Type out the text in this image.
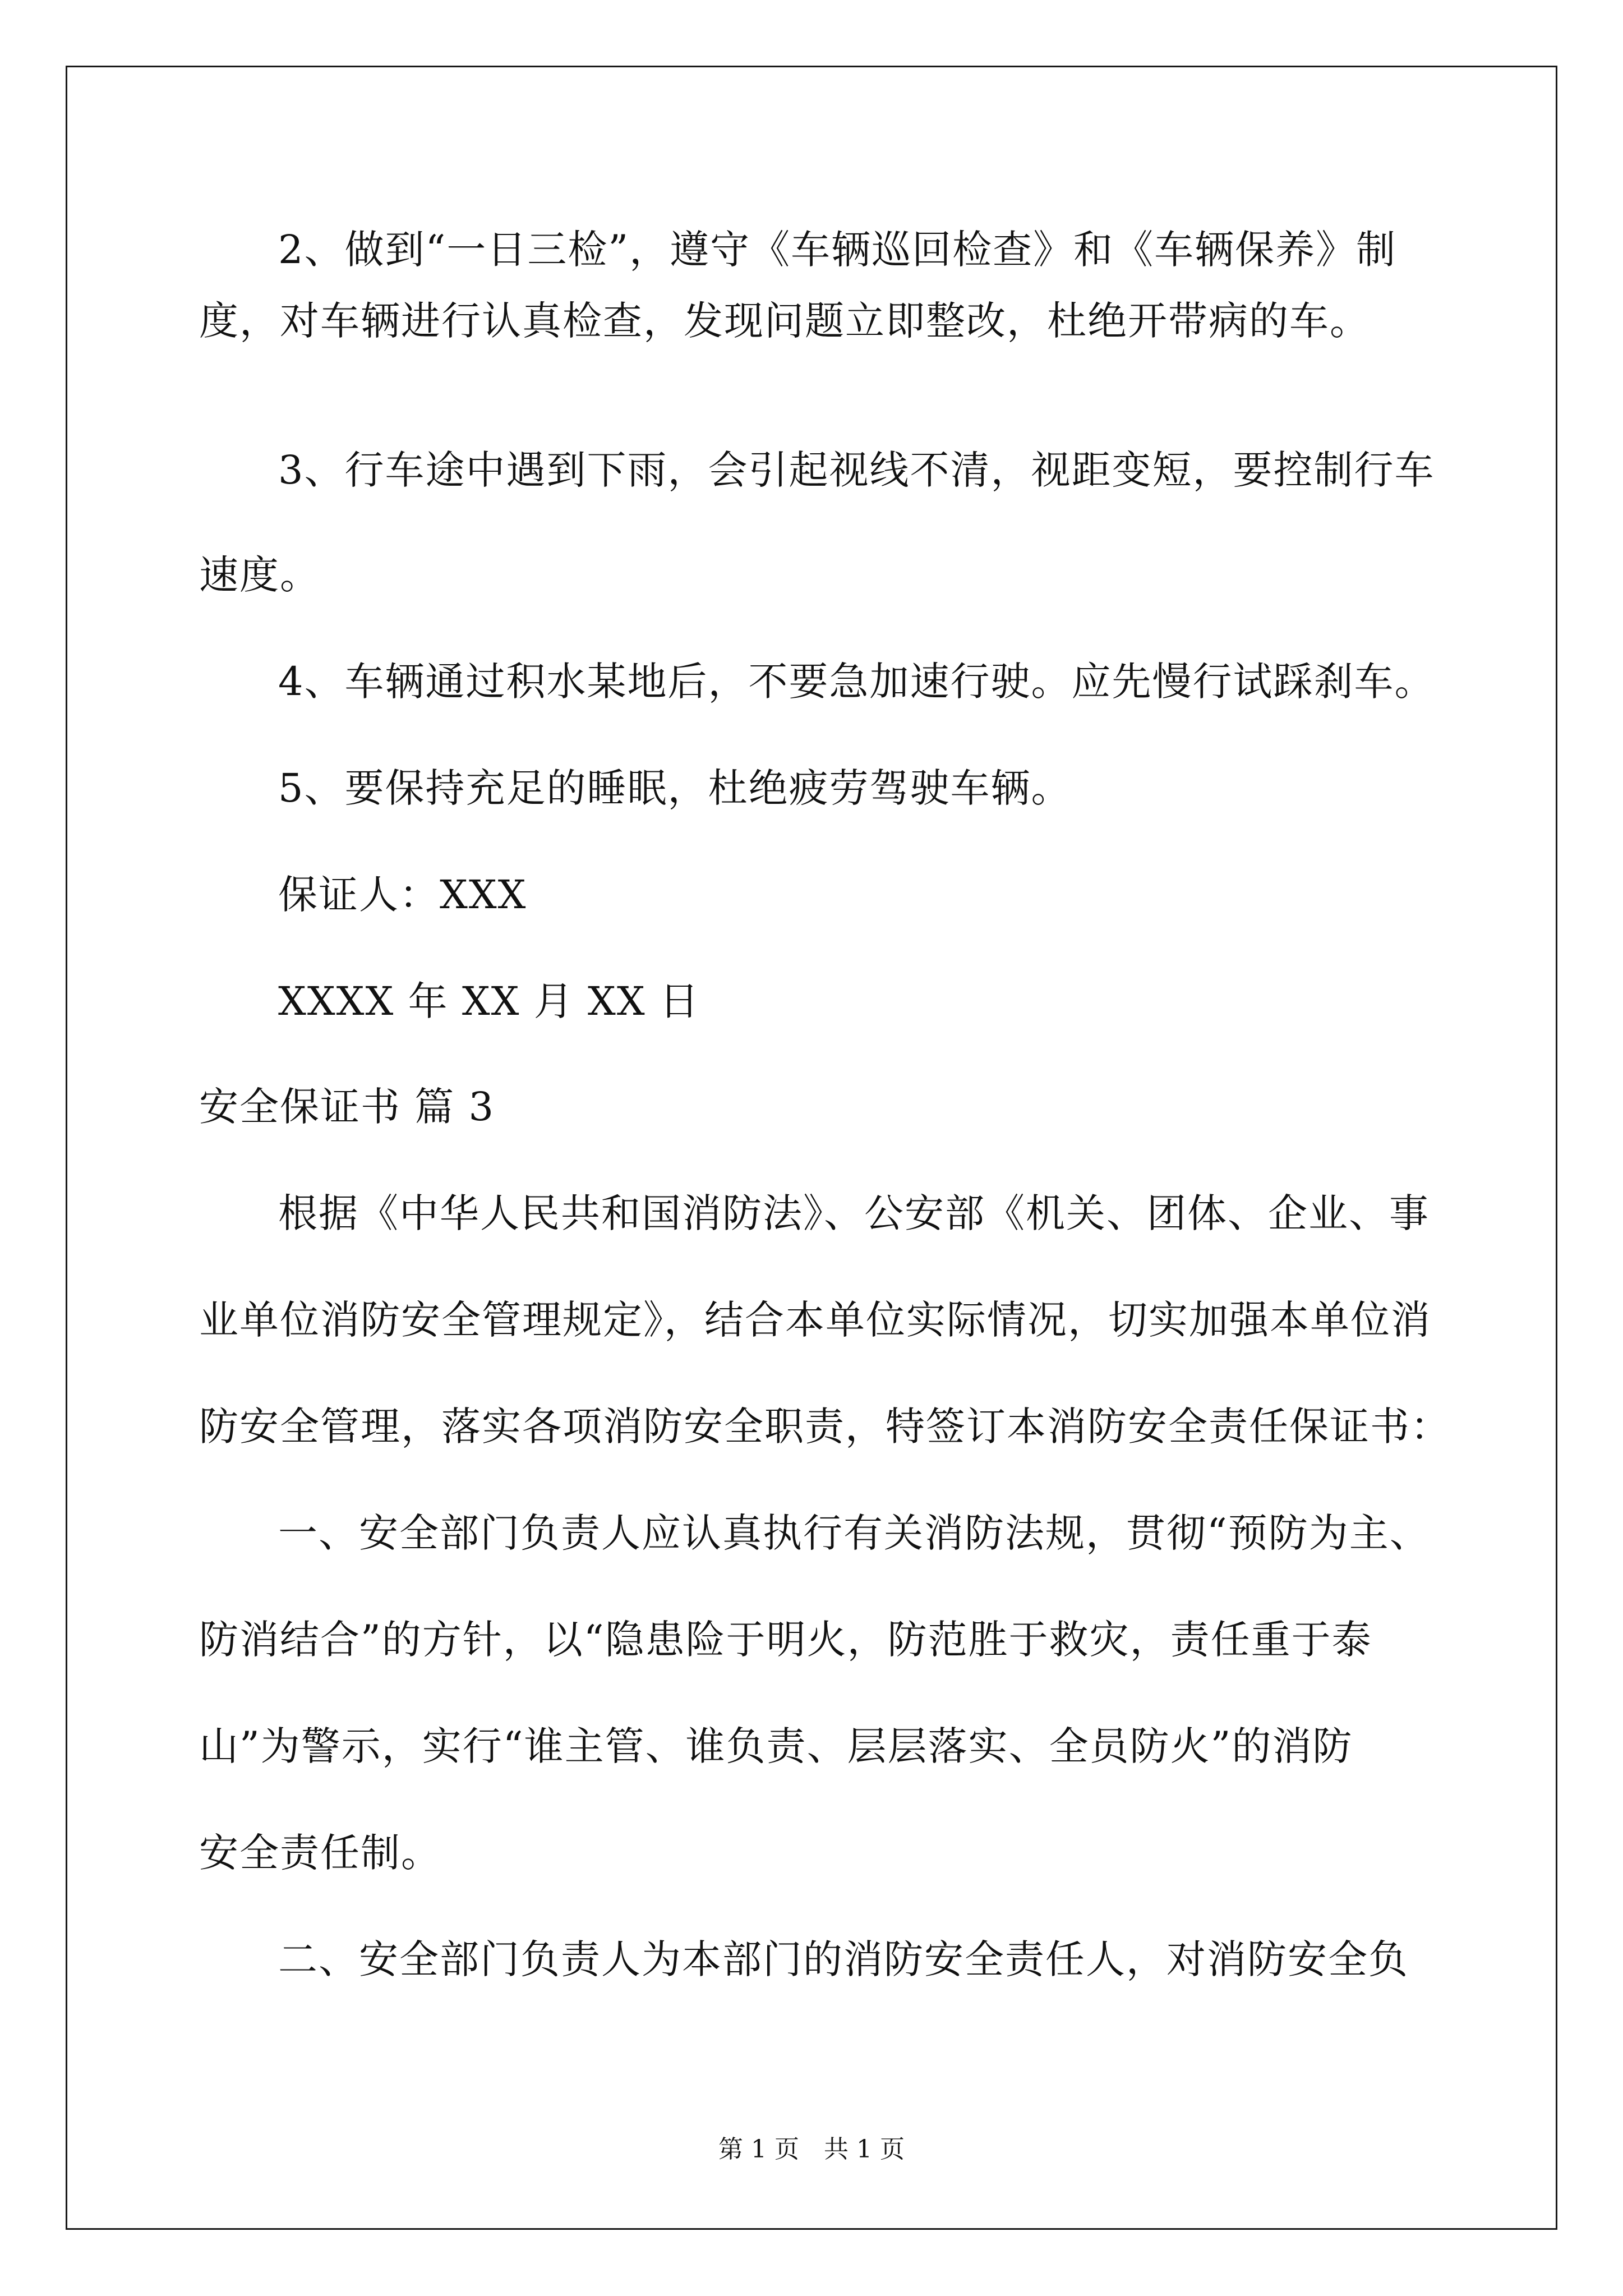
2、做到“一日三检”，遵守《车辆巡回检查》和《车辆保养》制
度，对车辆进行认真检查，发现问题立即整改，杜绝开带病的车。
3、行车途中遇到下雨，会引起视线不清，视距变短，要控制行车
速度。
4、车辆通过积水某地后，不要急加速行驶。应先慢行试踩刹车。
5、要保持充足的睡眠，杜绝疲劳驾驶车辆。
保证人：XXX
XXXX 年 XX 月 XX 日
安全保证书 篇 3
根据《中华人民共和国消防法》、公安部《机关、团体、企业、事
业单位消防安全管理规定》，结合本单位实际情况，切实加强本单位消
防安全管理，落实各项消防安全职责，特签订本消防安全责任保证书：
一、安全部门负责人应认真执行有关消防法规，贯彻“预防为主、
防消结合”的方针，以“隐患险于明火，防范胜于救灾，责任重于泰
山”为警示，实行“谁主管、谁负责、层层落实、全员防火”的消防
安全责任制。
二、安全部门负责人为本部门的消防安全责任人，对消防安全负
第 1 页 共 1 页
